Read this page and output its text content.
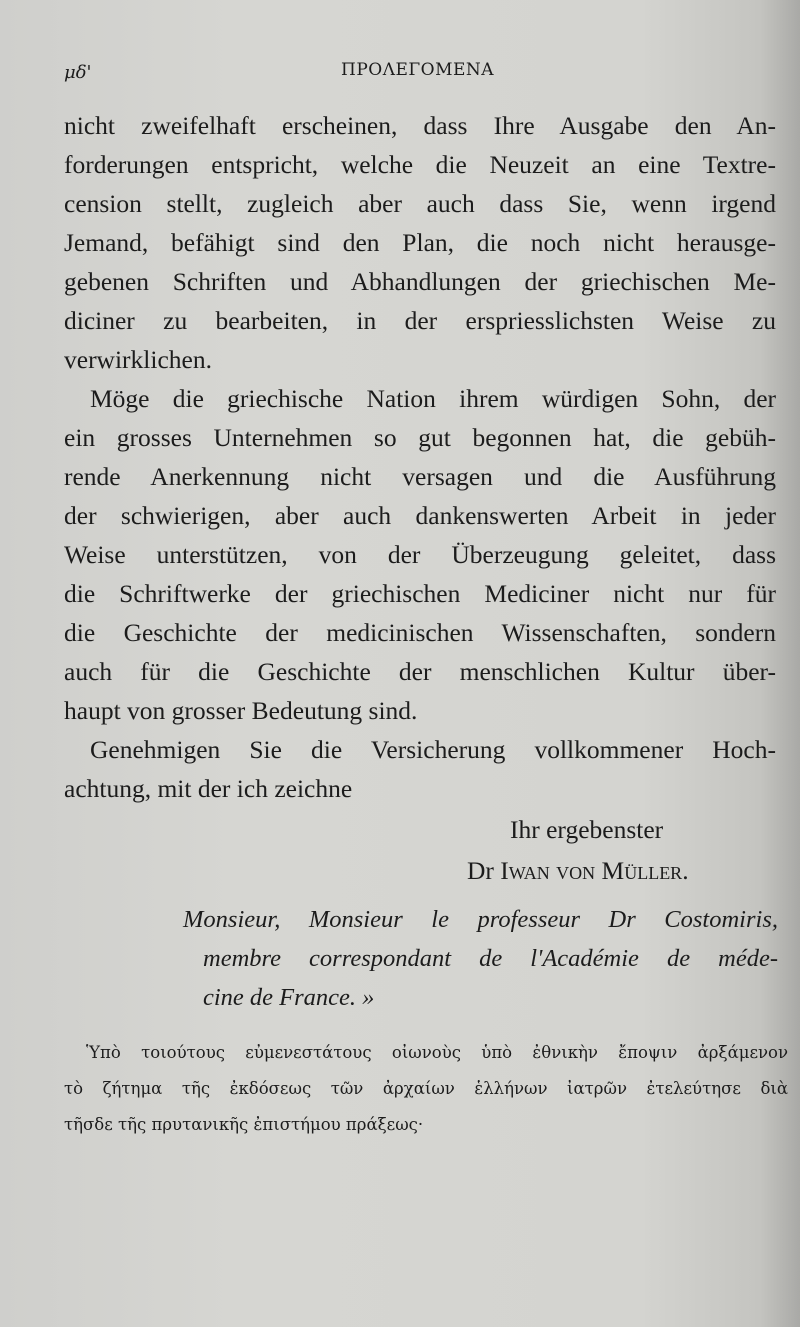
μδ'	ΠΡΟΛΕΓΟΜΕΝΑ
nicht zweifelhaft erscheinen, dass Ihre Ausgabe den An-
forderungen entspricht, welche die Neuzeit an eine Textre-
cension stellt, zugleich aber auch dass Sie, wenn irgend
Jemand, befähigt sind den Plan, die noch nicht herausge-
gebenen Schriften und Abhandlungen der griechischen Me-
diciner zu bearbeiten, in der erspriesslichsten Weise zu
verwirklichen.
Möge die griechische Nation ihrem würdigen Sohn, der
ein grosses Unternehmen so gut begonnen hat, die gebüh-
rende Anerkennung nicht versagen und die Ausführung
der schwierigen, aber auch dankenswerten Arbeit in jeder
Weise unterstützen, von der Überzeugung geleitet, dass
die Schriftwerke der griechischen Mediciner nicht nur für
die Geschichte der medicinischen Wissenschaften, sondern
auch für die Geschichte der menschlichen Kultur über-
haupt von grosser Bedeutung sind.
Genehmigen Sie die Versicherung vollkommener Hoch-
achtung, mit der ich zeichne
Ihr ergebenster
Dr Iwan von Müller.
Monsieur, Monsieur le professeur Dr Costomiris,
membre correspondant de l'Académie de méde-
cine de France. »
Ὑπὸ τοιούτους εὐμενεστάτους οἰωνοὺς ὑπὸ ἐθνικὴν ἔποψιν ἀρξάμενον
τὸ ζήτημα τῆς ἐκδόσεως τῶν ἀρχαίων ἑλλήνων ἰατρῶν ἐτελεύτησε διὰ
τῆσδε τῆς πρυτανικῆς ἐπιστήμου πράξεως·
